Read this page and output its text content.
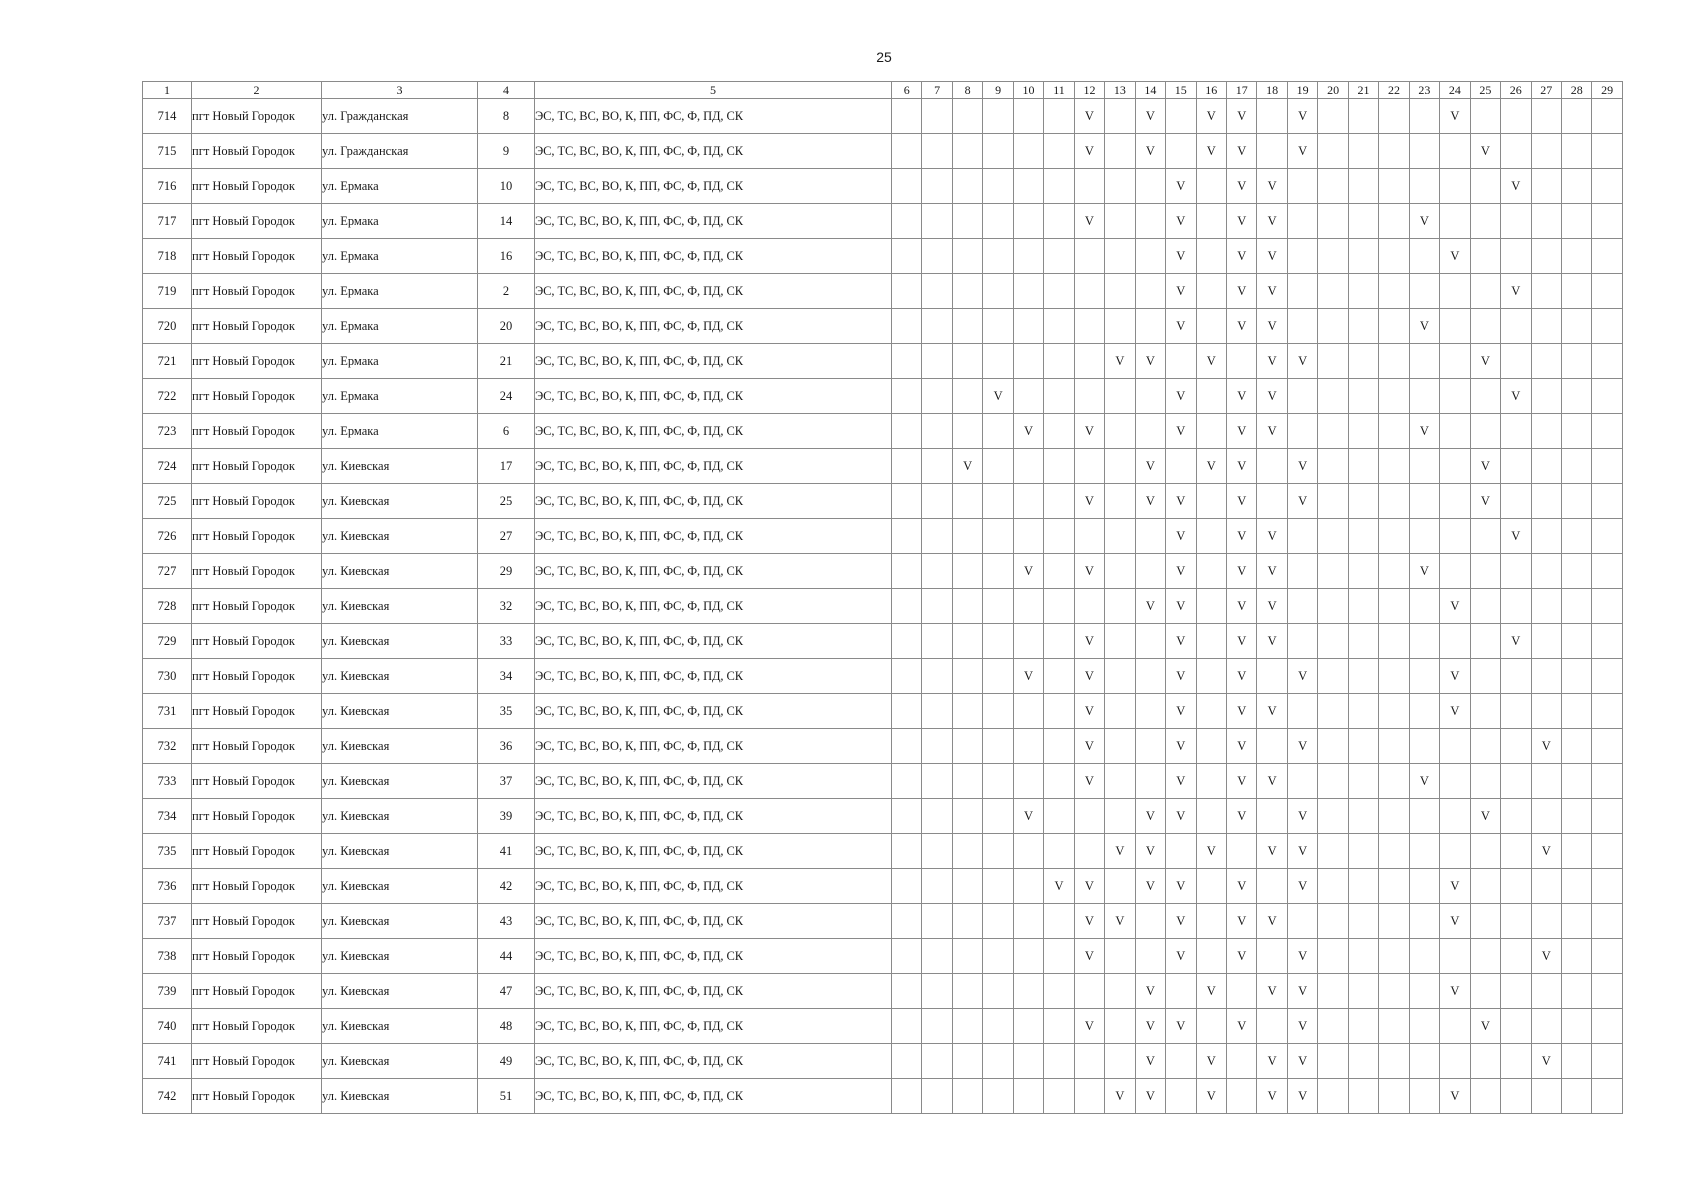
25
1	2	3	4	5	6	7	8	9	10	11	12	13	14	15	16	17	18	19	20	21	22	23	24	25	26	27	28	29
714	пгт Новый Городок	ул. Гражданская	8	ЭС, ТС, ВС, ВО, К, ПП, ФС, Ф, ПД, СК							V		V		V	V		V					V					
715	пгт Новый Городок	ул. Гражданская	9	ЭС, ТС, ВС, ВО, К, ПП, ФС, Ф, ПД, СК							V		V		V	V		V						V				
716	пгт Новый Городок	ул. Ермака	10	ЭС, ТС, ВС, ВО, К, ПП, ФС, Ф, ПД, СК										V		V	V								V			
717	пгт Новый Городок	ул. Ермака	14	ЭС, ТС, ВС, ВО, К, ПП, ФС, Ф, ПД, СК							V			V		V	V					V						
718	пгт Новый Городок	ул. Ермака	16	ЭС, ТС, ВС, ВО, К, ПП, ФС, Ф, ПД, СК										V		V	V						V					
719	пгт Новый Городок	ул. Ермака	2	ЭС, ТС, ВС, ВО, К, ПП, ФС, Ф, ПД, СК										V		V	V								V			
720	пгт Новый Городок	ул. Ермака	20	ЭС, ТС, ВС, ВО, К, ПП, ФС, Ф, ПД, СК										V		V	V					V						
721	пгт Новый Городок	ул. Ермака	21	ЭС, ТС, ВС, ВО, К, ПП, ФС, Ф, ПД, СК								V	V		V		V	V						V				
722	пгт Новый Городок	ул. Ермака	24	ЭС, ТС, ВС, ВО, К, ПП, ФС, Ф, ПД, СК				V						V		V	V								V			
723	пгт Новый Городок	ул. Ермака	6	ЭС, ТС, ВС, ВО, К, ПП, ФС, Ф, ПД, СК					V		V			V		V	V					V						
724	пгт Новый Городок	ул. Киевская	17	ЭС, ТС, ВС, ВО, К, ПП, ФС, Ф, ПД, СК			V						V		V	V		V						V				
725	пгт Новый Городок	ул. Киевская	25	ЭС, ТС, ВС, ВО, К, ПП, ФС, Ф, ПД, СК							V		V	V		V		V						V				
726	пгт Новый Городок	ул. Киевская	27	ЭС, ТС, ВС, ВО, К, ПП, ФС, Ф, ПД, СК										V		V	V								V			
727	пгт Новый Городок	ул. Киевская	29	ЭС, ТС, ВС, ВО, К, ПП, ФС, Ф, ПД, СК					V		V			V		V	V					V						
728	пгт Новый Городок	ул. Киевская	32	ЭС, ТС, ВС, ВО, К, ПП, ФС, Ф, ПД, СК									V	V		V	V						V					
729	пгт Новый Городок	ул. Киевская	33	ЭС, ТС, ВС, ВО, К, ПП, ФС, Ф, ПД, СК							V			V		V	V								V			
730	пгт Новый Городок	ул. Киевская	34	ЭС, ТС, ВС, ВО, К, ПП, ФС, Ф, ПД, СК					V		V			V		V		V					V					
731	пгт Новый Городок	ул. Киевская	35	ЭС, ТС, ВС, ВО, К, ПП, ФС, Ф, ПД, СК							V			V		V	V						V					
732	пгт Новый Городок	ул. Киевская	36	ЭС, ТС, ВС, ВО, К, ПП, ФС, Ф, ПД, СК							V			V		V		V								V		
733	пгт Новый Городок	ул. Киевская	37	ЭС, ТС, ВС, ВО, К, ПП, ФС, Ф, ПД, СК							V			V		V	V					V						
734	пгт Новый Городок	ул. Киевская	39	ЭС, ТС, ВС, ВО, К, ПП, ФС, Ф, ПД, СК					V				V	V		V		V						V				
735	пгт Новый Городок	ул. Киевская	41	ЭС, ТС, ВС, ВО, К, ПП, ФС, Ф, ПД, СК								V	V		V		V	V								V		
736	пгт Новый Городок	ул. Киевская	42	ЭС, ТС, ВС, ВО, К, ПП, ФС, Ф, ПД, СК						V	V		V	V		V		V					V					
737	пгт Новый Городок	ул. Киевская	43	ЭС, ТС, ВС, ВО, К, ПП, ФС, Ф, ПД, СК							V	V		V		V	V						V					
738	пгт Новый Городок	ул. Киевская	44	ЭС, ТС, ВС, ВО, К, ПП, ФС, Ф, ПД, СК							V			V		V		V								V		
739	пгт Новый Городок	ул. Киевская	47	ЭС, ТС, ВС, ВО, К, ПП, ФС, Ф, ПД, СК									V		V		V	V					V					
740	пгт Новый Городок	ул. Киевская	48	ЭС, ТС, ВС, ВО, К, ПП, ФС, Ф, ПД, СК							V		V	V		V		V						V				
741	пгт Новый Городок	ул. Киевская	49	ЭС, ТС, ВС, ВО, К, ПП, ФС, Ф, ПД, СК									V		V		V	V								V		
742	пгт Новый Городок	ул. Киевская	51	ЭС, ТС, ВС, ВО, К, ПП, ФС, Ф, ПД, СК								V	V		V		V	V					V					
